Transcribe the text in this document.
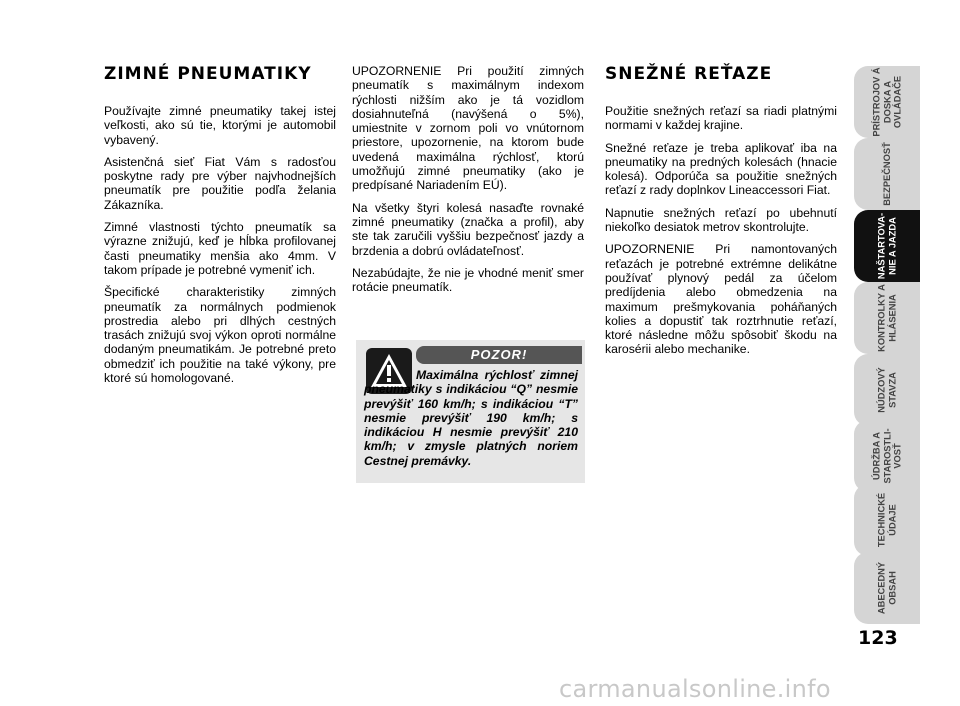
ZIMNÉ PNEUMATIKY

Používajte zimné pneumatiky takej istej veľkosti, ako sú tie, ktorými je automobil vybavený.

Asistenčná sieť Fiat Vám s radosťou poskytne rady pre výber najvhodnejších pneumatík pre použitie podľa želania Zákazníka.

Zimné vlastnosti týchto pneumatík sa výrazne znižujú, keď je hĺbka profilovanej časti pneumatiky menšia ako 4mm. V takom prípade je potrebné vymeniť ich.

Špecifické charakteristiky zimných pneumatík za normálnych podmienok prostredia alebo pri dlhých cestných trasách znižujú svoj výkon oproti normálne dodaným pneumatikám. Je potrebné preto obmedziť ich použitie na také výkony, pre ktoré sú homologované.

UPOZORNENIE Pri použití zimných pneumatík s maximálnym indexom rýchlosti nižším ako je tá vozidlom dosiahnuteľná (navýšená o 5%), umiestnite v zornom poli vo vnútornom priestore, upozornenie, na ktorom bude uvedená maximálna rýchlosť, ktorú umožňujú zimné pneumatiky (ako je predpísané Nariadením EÚ).

Na všetky štyri kolesá nasaďte rovnaké zimné pneumatiky (značka a profil), aby ste tak zaručili vyššiu bezpečnosť jazdy a brzdenia a dobrú ovládateľnosť.

Nezabúdajte, že nie je vhodné meniť smer rotácie pneumatík.

POZOR!

Maximálna rýchlosť zimnej pneumatiky s indikáciou “Q” nesmie prevýšiť 160 km/h; s indikáciou “T” nesmie prevýšiť 190 km/h; s indikáciou H nesmie prevýšiť 210 km/h; v zmysle platných noriem Cestnej premávky.

SNEŽNÉ REŤAZE

Použitie snežných reťazí sa riadi platnými normami v každej krajine.

Snežné reťaze je treba aplikovať iba na pneumatiky na predných kolesách (hnacie kolesá). Odporúča sa použitie snežných reťazí z rady doplnkov Lineaccessori Fiat.

Napnutie snežných reťazí po ubehnutí niekoľko desiatok metrov skontrolujte.

UPOZORNENIE Pri namontovaných reťazách je potrebné extrémne delikátne používať plynový pedál za účelom predíjdenia alebo obmedzenia na maximum prešmykovania poháňaných kolies a dopustiť tak roztrhnutie reťazí, ktoré následne môžu spôsobiť škodu na karosérii alebo mechanike.

PRÍSTROJOV Á DOSKA A OVLÁDAČE
BEZPEČNOSŤ
NAŠTARTOVA- NIE A JAZDA
KONTROLKY A HLÁSENIA
NÚDZOVÝ STAVZA
ÚDRŽBA A STAROSTLI- VOSŤ
TECHNICKÉ ÚDAJE
ABECEDNÝ OBSAH
123
carmanualsonline.info
